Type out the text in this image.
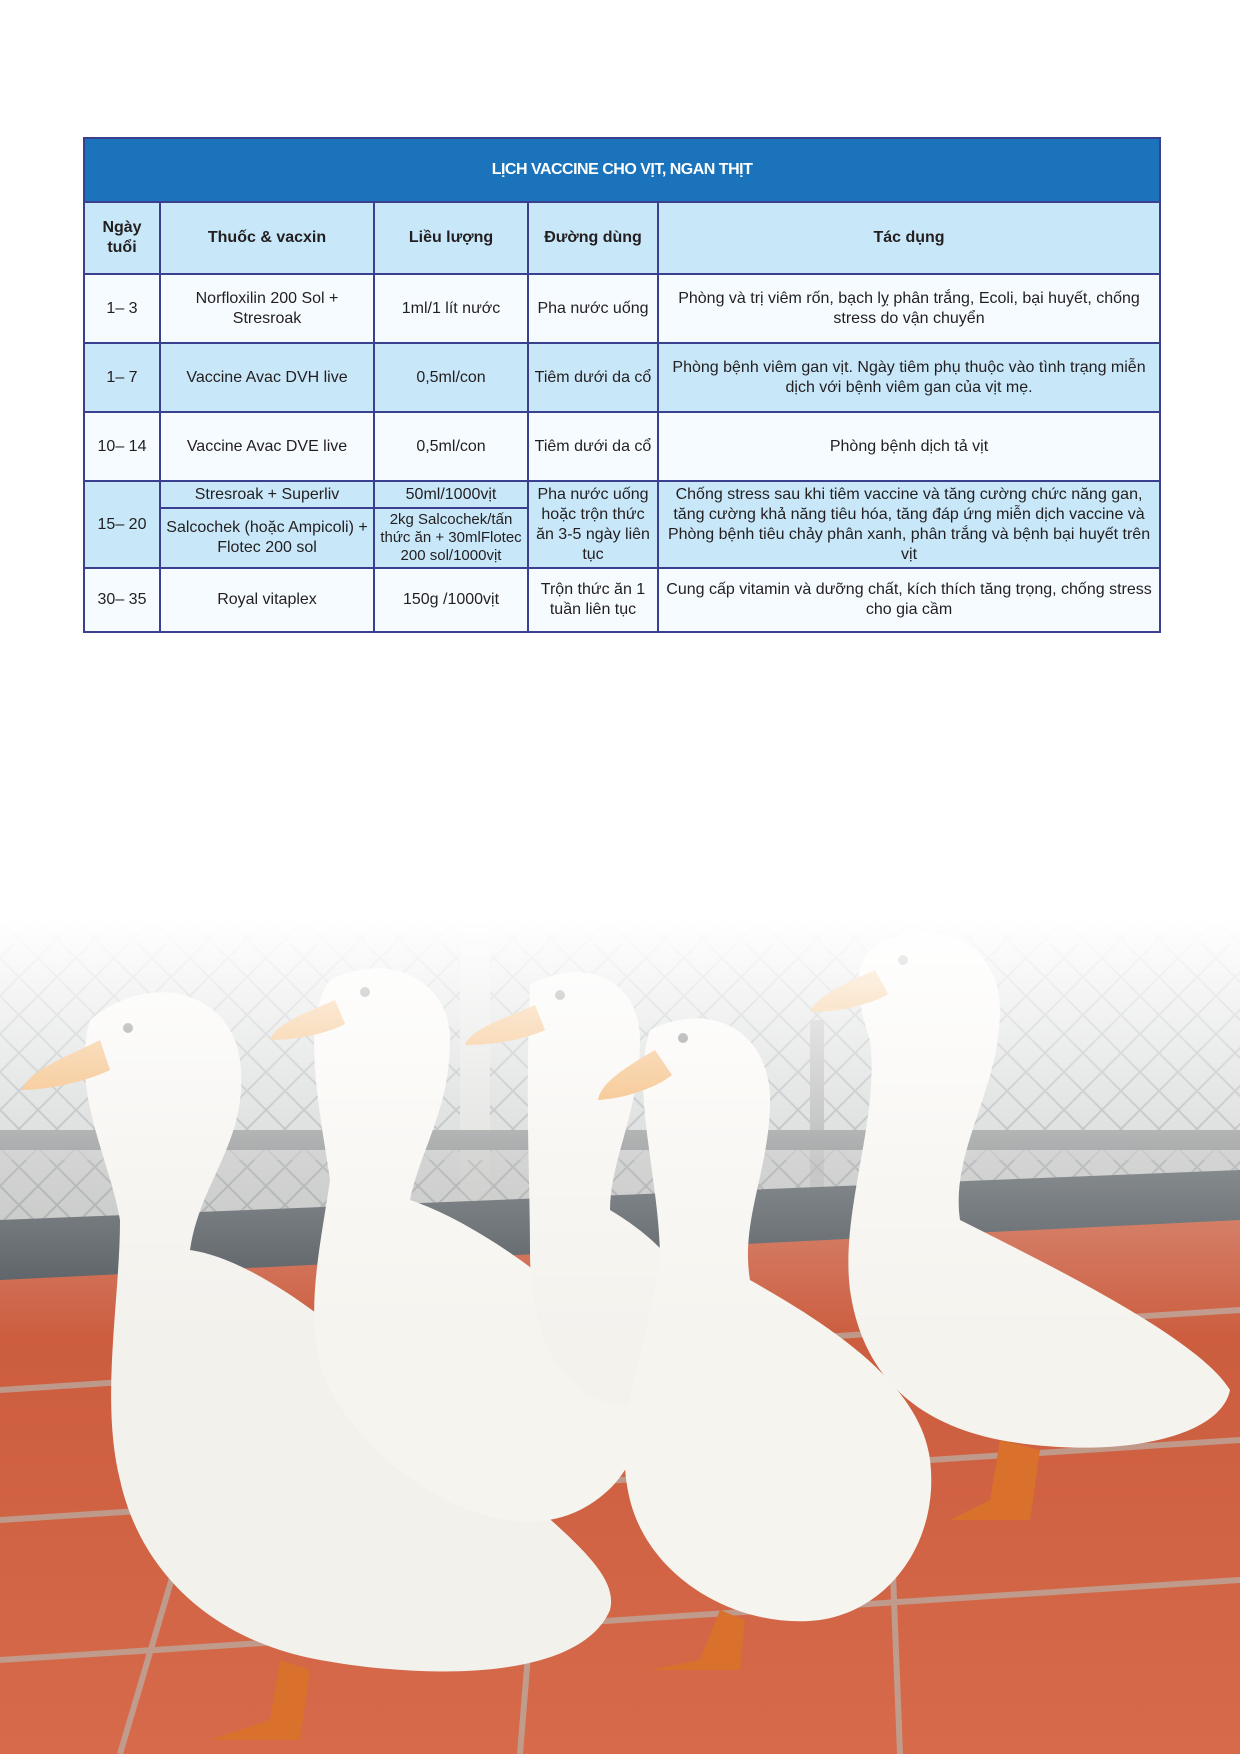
LỊCH VACCINE CHO VỊT, NGAN THỊT				
Ngày
tuổi	Thuốc & vacxin	Liều lượng	Đường dùng	Tác dụng
1– 3	Norfloxilin 200 Sol + Stresroak	1ml/1 lít nước	Pha nước uống	Phòng và trị viêm rốn, bạch lỵ phân trắng, Ecoli, bại huyết, chống stress do vận chuyển
1– 7	Vaccine Avac DVH live	0,5ml/con	Tiêm dưới da cổ	Phòng bệnh viêm gan vịt. Ngày tiêm phụ thuộc vào tình trạng miễn dịch với bệnh viêm gan của vịt mẹ.
10– 14	Vaccine Avac DVE live	0,5ml/con	Tiêm dưới da cổ	Phòng bệnh dịch tả vịt
15– 20	Stresroak + Superliv	50ml/1000vịt	Pha nước uống hoặc trộn thức ăn 3-5 ngày liên tục	Chống stress sau khi tiêm vaccine và tăng cường chức năng gan, tăng cường khả năng tiêu hóa, tăng đáp ứng miễn dịch vaccine và Phòng bệnh tiêu chảy phân xanh, phân trắng và bệnh bại huyết trên vịt
	Salcochek (hoặc Ampicoli) + Flotec 200 sol	2kg Salcochek/tấn thức ăn + 30mlFlotec 200 sol/1000vịt		
30– 35	Royal vitaplex	150g /1000vịt	Trộn thức ăn 1 tuần liên tục	Cung cấp vitamin và dưỡng chất, kích thích tăng trọng, chống stress cho gia cầm
